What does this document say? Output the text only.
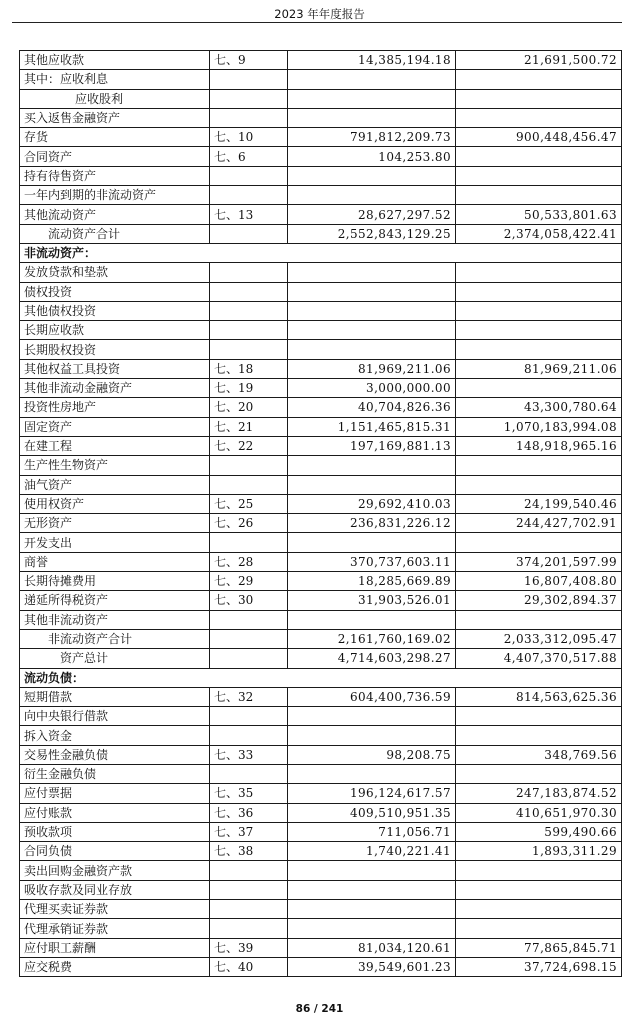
2023 年年度报告
其他应收款	七、9	14,385,194.18	21,691,500.72
其中：应收利息			
应收股利			
买入返售金融资产			
存货	七、10	791,812,209.73	900,448,456.47
合同资产	七、6	104,253.80	
持有待售资产			
一年内到期的非流动资产			
其他流动资产	七、13	28,627,297.52	50,533,801.63
流动资产合计		2,552,843,129.25	2,374,058,422.41
非流动资产：			
发放贷款和垫款			
债权投资			
其他债权投资			
长期应收款			
长期股权投资			
其他权益工具投资	七、18	81,969,211.06	81,969,211.06
其他非流动金融资产	七、19	3,000,000.00	
投资性房地产	七、20	40,704,826.36	43,300,780.64
固定资产	七、21	1,151,465,815.31	1,070,183,994.08
在建工程	七、22	197,169,881.13	148,918,965.16
生产性生物资产			
油气资产			
使用权资产	七、25	29,692,410.03	24,199,540.46
无形资产	七、26	236,831,226.12	244,427,702.91
开发支出			
商誉	七、28	370,737,603.11	374,201,597.99
长期待摊费用	七、29	18,285,669.89	16,807,408.80
递延所得税资产	七、30	31,903,526.01	29,302,894.37
其他非流动资产			
非流动资产合计		2,161,760,169.02	2,033,312,095.47
资产总计		4,714,603,298.27	4,407,370,517.88
流动负债：			
短期借款	七、32	604,400,736.59	814,563,625.36
向中央银行借款			
拆入资金			
交易性金融负债	七、33	98,208.75	348,769.56
衍生金融负债			
应付票据	七、35	196,124,617.57	247,183,874.52
应付账款	七、36	409,510,951.35	410,651,970.30
预收款项	七、37	711,056.71	599,490.66
合同负债	七、38	1,740,221.41	1,893,311.29
卖出回购金融资产款			
吸收存款及同业存放			
代理买卖证券款			
代理承销证券款			
应付职工薪酬	七、39	81,034,120.61	77,865,845.71
应交税费	七、40	39,549,601.23	37,724,698.15
86 / 241
